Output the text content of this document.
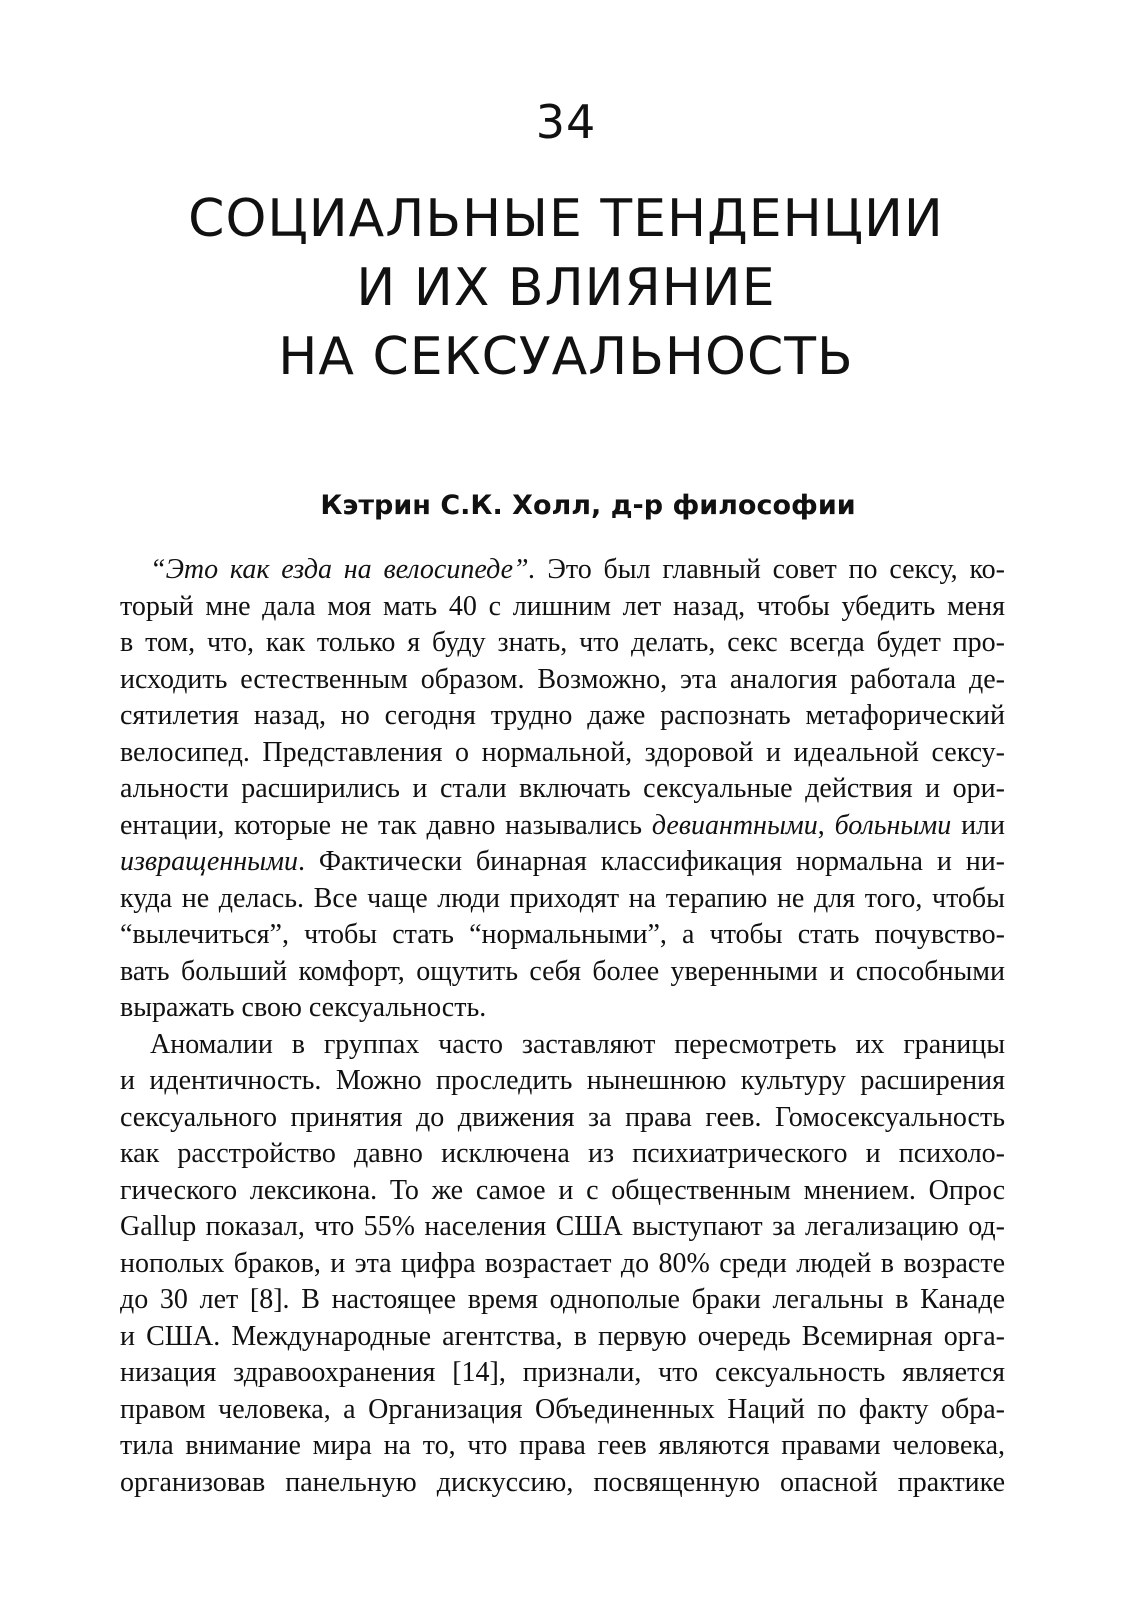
34
СОЦИАЛЬНЫЕ ТЕНДЕНЦИИ
И ИХ ВЛИЯНИЕ
НА СЕКСУАЛЬНОСТЬ
Кэтрин С.К. Холл, д-р философии

“Это как езда на велосипеде”. Это был главный совет по сексу, ко-
торый мне дала моя мать 40 с лишним лет назад, чтобы убедить меня
в том, что, как только я буду знать, что делать, секс всегда будет про-
исходить естественным образом. Возможно, эта аналогия работала де-
сятилетия назад, но сегодня трудно даже распознать метафорический
велосипед. Представления о нормальной, здоровой и идеальной сексу-
альности расширились и стали включать сексуальные действия и ори-
ентации, которые не так давно назывались девиантными, больными или
извращенными. Фактически бинарная классификация нормальна и ни-
куда не делась. Все чаще люди приходят на терапию не для того, чтобы
“вылечиться”, чтобы стать “нормальными”, а чтобы стать почувство-
вать больший комфорт, ощутить себя более уверенными и способными
выражать свою сексуальность.

Аномалии в группах часто заставляют пересмотреть их границы
и идентичность. Можно проследить нынешнюю культуру расширения
сексуального принятия до движения за права геев. Гомосексуальность
как расстройство давно исключена из психиатрического и психоло-
гического лексикона. То же самое и с общественным мнением. Опрос
Gallup показал, что 55% населения США выступают за легализацию од-
нополых браков, и эта цифра возрастает до 80% среди людей в возрасте
до 30 лет [8]. В настоящее время однополые браки легальны в Канаде
и США. Международные агентства, в первую очередь Всемирная орга-
низация здравоохранения [14], признали, что сексуальность является
правом человека, а Организация Объединенных Наций по факту обра-
тила внимание мира на то, что права геев являются правами человека,
организовав панельную дискуссию, посвященную опасной практике
